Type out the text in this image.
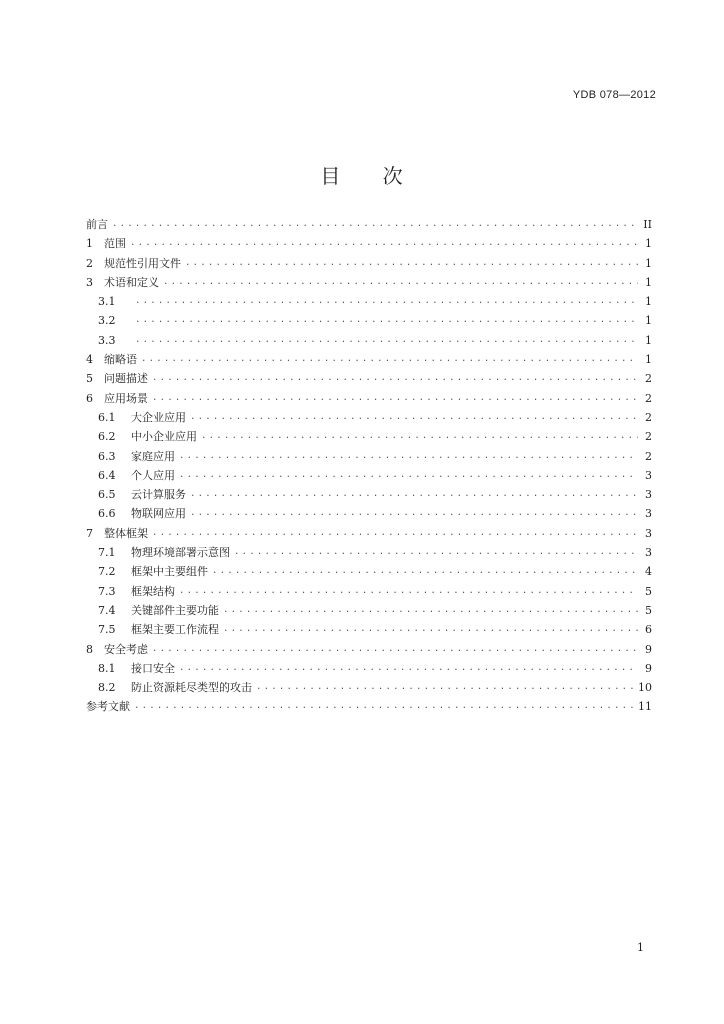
YDB 078—2012
目 次
前言 .....	II
1	范围 .....	1
2	规范性引用文件 .....	1
3	术语和定义 .....	1
3.1 .....	1
3.2 .....	1
3.3 .....	1
4	缩略语 .....	1
5	问题描述 .....	2
6	应用场景 .....	2
6.1	大企业应用 .....	2
6.2	中小企业应用 .....	2
6.3	家庭应用 .....	2
6.4	个人应用 .....	3
6.5	云计算服务 .....	3
6.6	物联网应用 .....	3
7	整体框架 .....	3
7.1	物理环境部署示意图 .....	3
7.2	框架中主要组件 .....	4
7.3	框架结构 .....	5
7.4	关键部件主要功能 .....	5
7.5	框架主要工作流程 .....	6
8	安全考虑 .....	9
8.1	接口安全 .....	9
8.2	防止资源耗尽类型的攻击 .....	10
参考文献 .....	11
1
